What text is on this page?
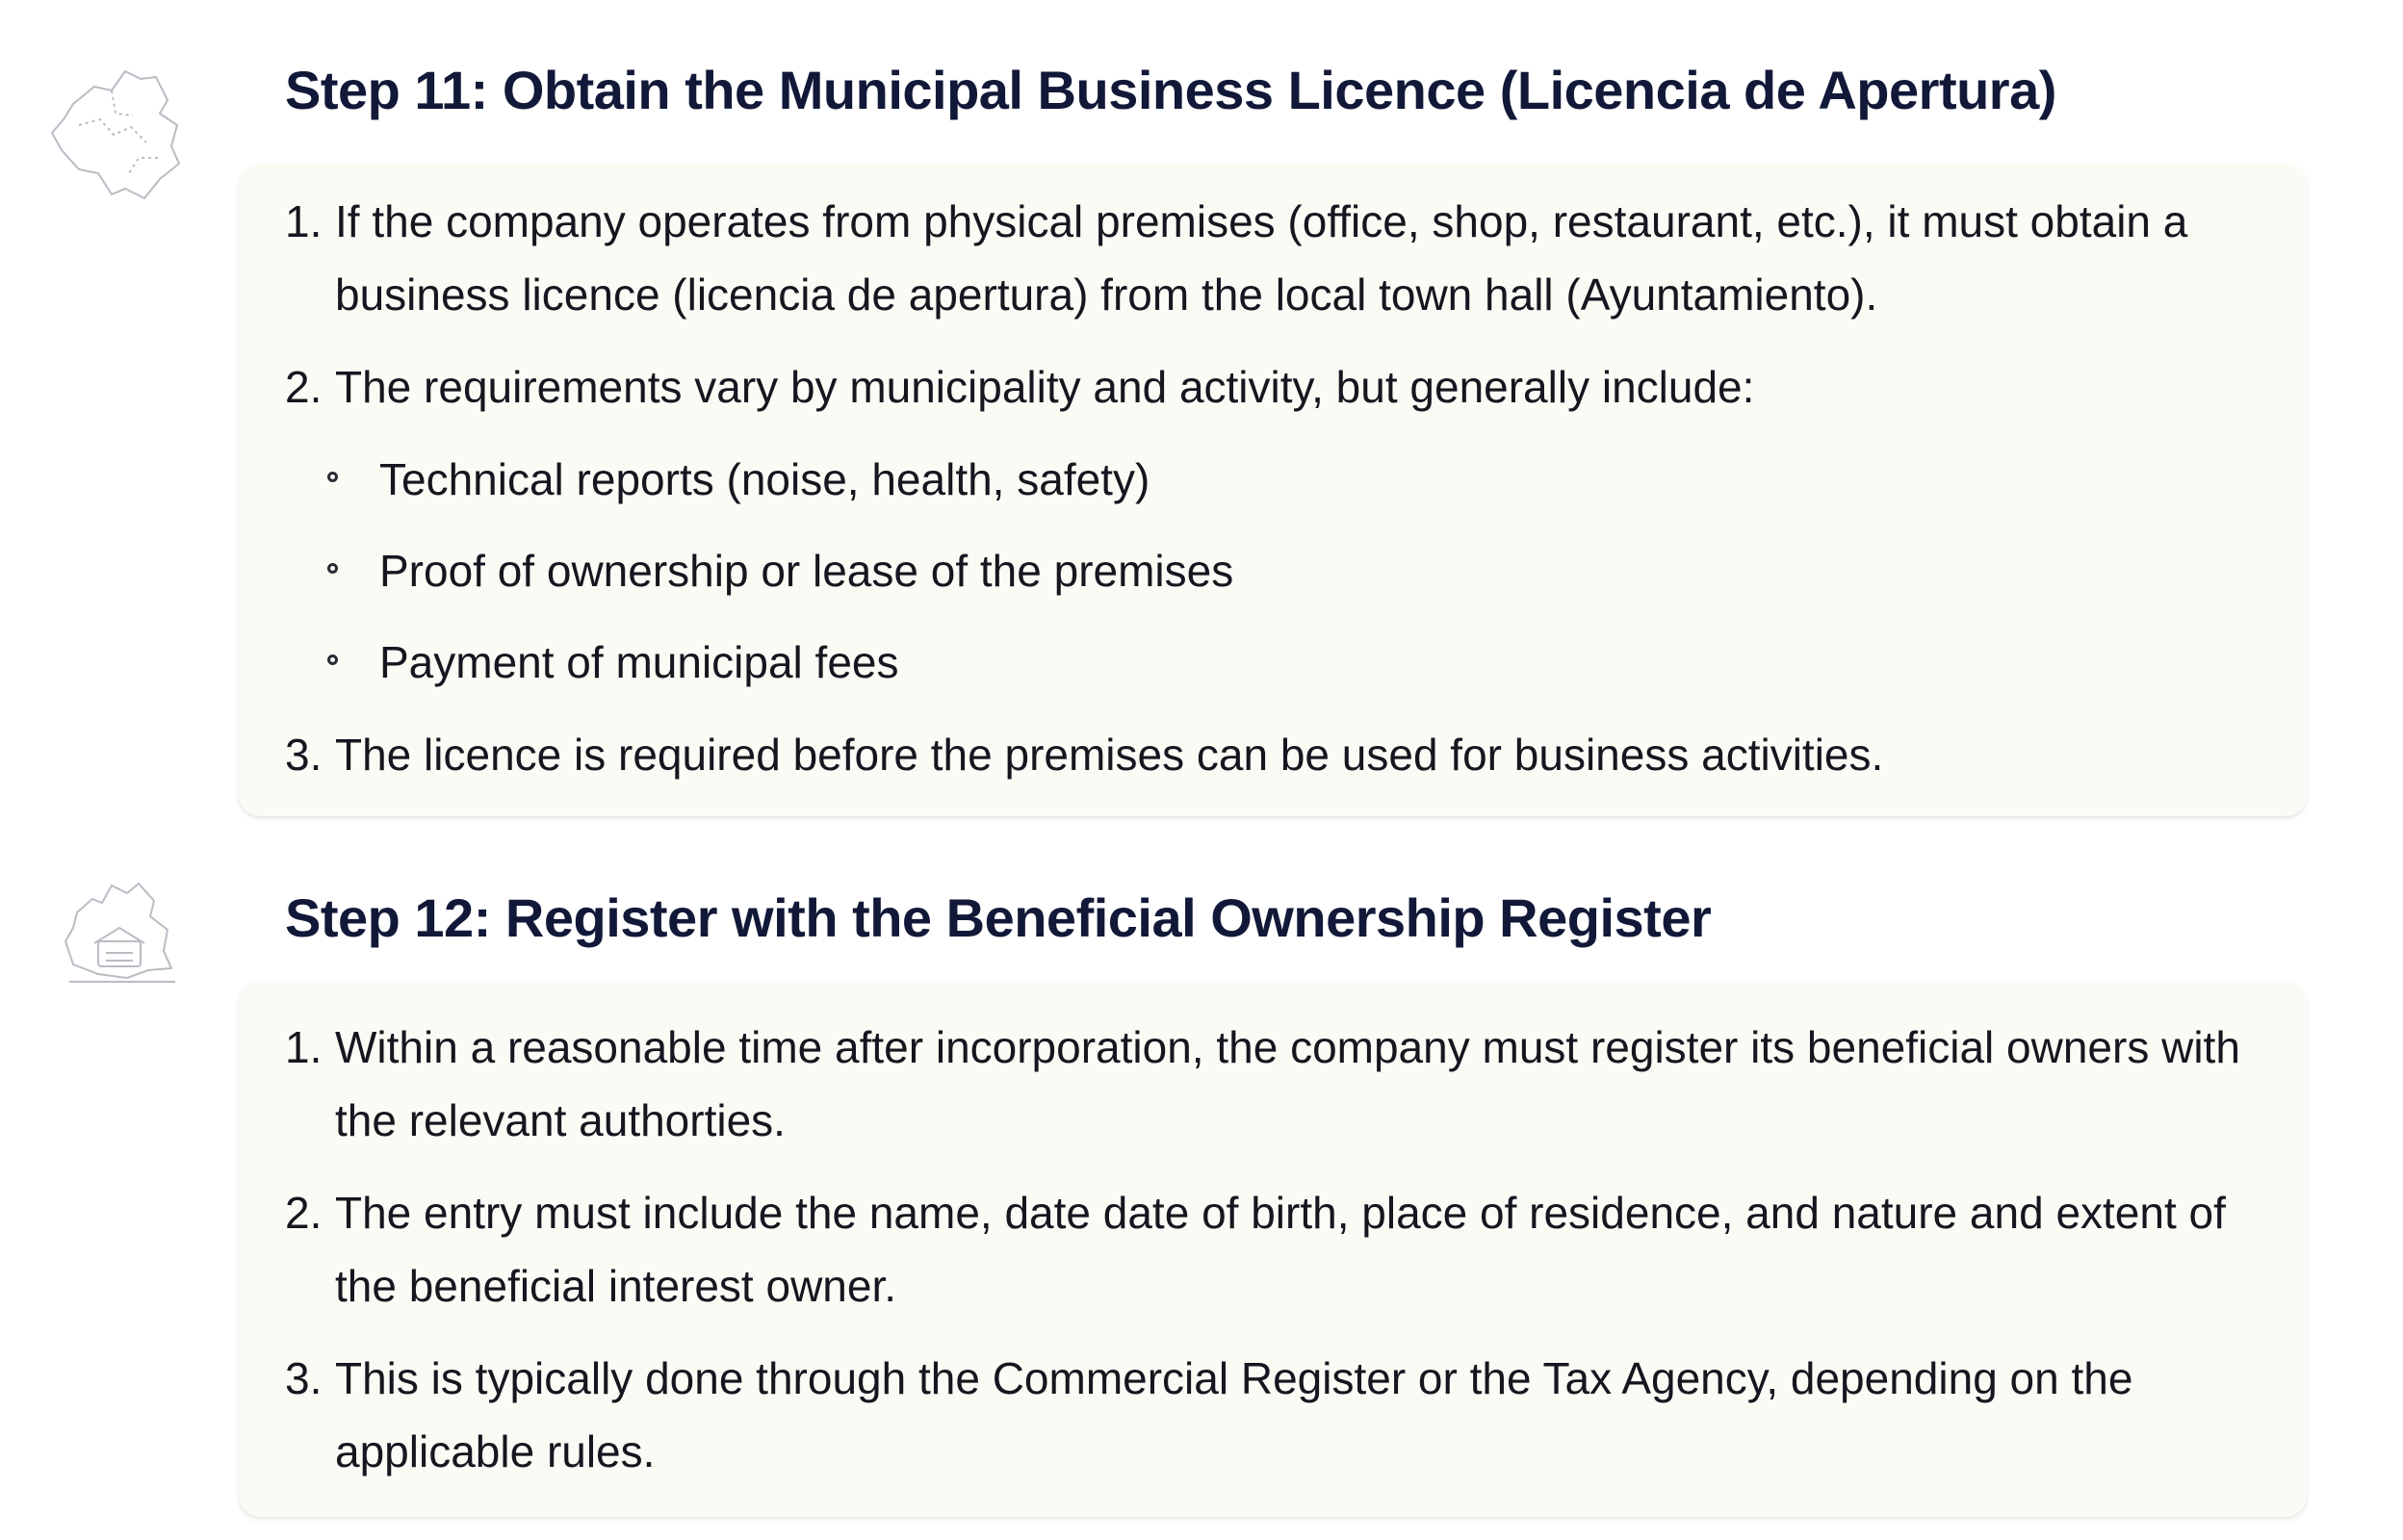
Step 11: Obtain the Municipal Business Licence (Licencia de Apertura)
1. If the company operates from physical premises (office, shop, restaurant, etc.), it must obtain a business licence (licencia de apertura) from the local town hall (Ayuntamiento).
2. The requirements vary by municipality and activity, but generally include:
Technical reports (noise, health, safety)
Proof of ownership or lease of the premises
Payment of municipal fees
3. The licence is required before the premises can be used for business activities.
Step 12: Register with the Beneficial Ownership Register
1. Within a reasonable time after incorporation, the company must register its beneficial owners with the relevant authorties.
2. The entry must include the name, date date of birth, place of residence, and nature and extent of the beneficial interest owner.
3. This is typically done through the Commercial Register or the Tax Agency, depending on the applicable rules.
